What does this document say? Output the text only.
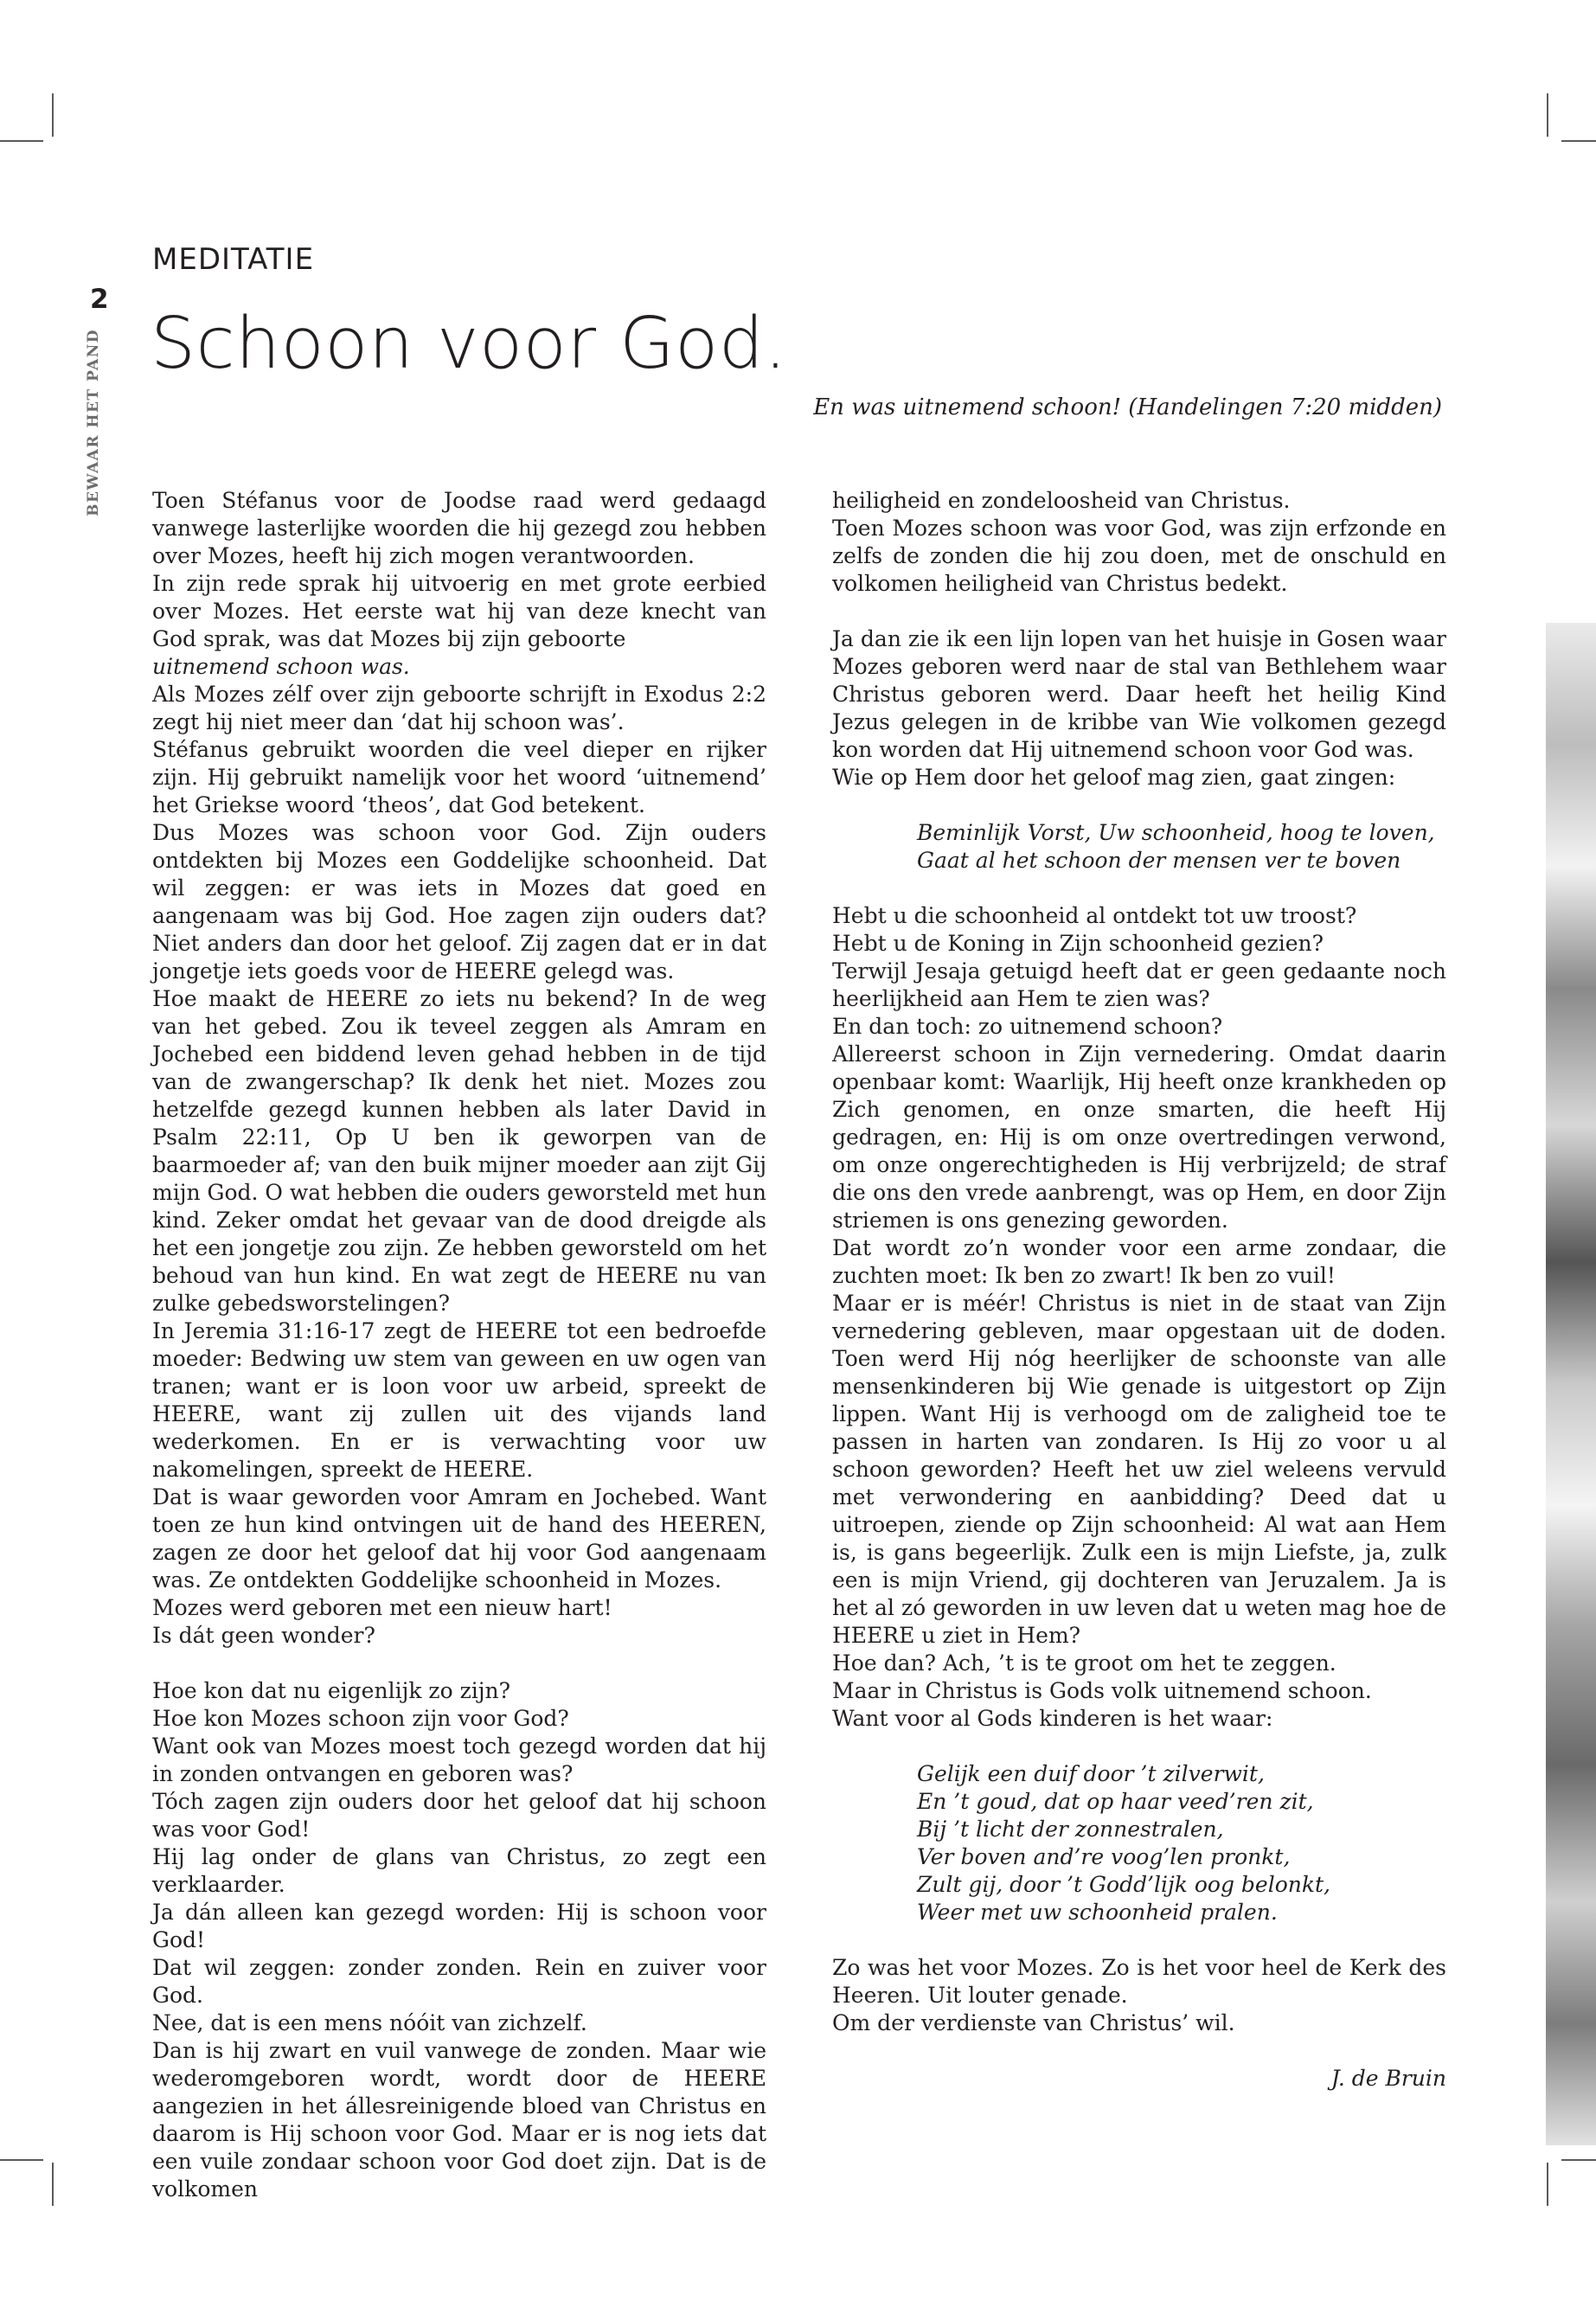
2
BEWAAR HET PAND
MEDITATIE
Schoon voor God.
En was uitnemend schoon! (Handelingen 7:20 midden)

Toen Stéfanus voor de Joodse raad werd gedaagd vanwege lasterlijke woorden die hij gezegd zou hebben over Mozes, heeft hij zich mogen verantwoorden.

In zijn rede sprak hij uitvoerig en met grote eerbied over Mozes. Het eerste wat hij van deze knecht van God sprak, was dat Mozes bij zijn geboorte

uitnemend schoon was.

Als Mozes zélf over zijn geboorte schrijft in Exodus 2:2 zegt hij niet meer dan ‘dat hij schoon was’.

Stéfanus gebruikt woorden die veel dieper en rijker zijn. Hij gebruikt namelijk voor het woord ‘uitnemend’ het Griekse woord ‘theos’, dat God betekent.

Dus Mozes was schoon voor God. Zijn ouders ontdekten bij Mozes een Goddelijke schoonheid. Dat wil zeggen: er was iets in Mozes dat goed en aangenaam was bij God. Hoe zagen zijn ouders dat? Niet anders dan door het geloof. Zij zagen dat er in dat jongetje iets goeds voor de HEERE gelegd was.

Hoe maakt de HEERE zo iets nu bekend? In de weg van het gebed. Zou ik teveel zeggen als Amram en Jochebed een biddend leven gehad hebben in de tijd van de zwangerschap? Ik denk het niet. Mozes zou hetzelfde gezegd kunnen hebben als later David in Psalm 22:11, Op U ben ik geworpen van de baarmoeder af; van den buik mijner moeder aan zijt Gij mijn God. O wat hebben die ouders geworsteld met hun kind. Zeker omdat het gevaar van de dood dreigde als het een jongetje zou zijn. Ze hebben geworsteld om het behoud van hun kind. En wat zegt de HEERE nu van zulke gebedsworstelingen?

In Jeremia 31:16-17 zegt de HEERE tot een bedroefde moeder: Bedwing uw stem van geween en uw ogen van tranen; want er is loon voor uw arbeid, spreekt de HEERE, want zij zullen uit des vijands land wederkomen. En er is verwachting voor uw nakomelingen, spreekt de HEERE.

Dat is waar geworden voor Amram en Jochebed. Want toen ze hun kind ontvingen uit de hand des HEEREN, zagen ze door het geloof dat hij voor God aangenaam was. Ze ontdekten Goddelijke schoonheid in Mozes.

Mozes werd geboren met een nieuw hart!

Is dát geen wonder?

Hoe kon dat nu eigenlijk zo zijn?

Hoe kon Mozes schoon zijn voor God?

Want ook van Mozes moest toch gezegd worden dat hij in zonden ontvangen en geboren was?

Tóch zagen zijn ouders door het geloof dat hij schoon was voor God!

Hij lag onder de glans van Christus, zo zegt een verklaarder.

Ja dán alleen kan gezegd worden: Hij is schoon voor God!

Dat wil zeggen: zonder zonden. Rein en zuiver voor God.

Nee, dat is een mens nóóit van zichzelf.

Dan is hij zwart en vuil vanwege de zonden. Maar wie wederomgeboren wordt, wordt door de HEERE aangezien in het állesreinigende bloed van Christus en daarom is Hij schoon voor God. Maar er is nog iets dat een vuile zondaar schoon voor God doet zijn. Dat is de volkomen

heiligheid en zondeloosheid van Christus.

Toen Mozes schoon was voor God, was zijn erfzonde en zelfs de zonden die hij zou doen, met de onschuld en volkomen heiligheid van Christus bedekt.

Ja dan zie ik een lijn lopen van het huisje in Gosen waar Mozes geboren werd naar de stal van Bethlehem waar Christus geboren werd. Daar heeft het heilig Kind Jezus gelegen in de kribbe van Wie volkomen gezegd kon worden dat Hij uitnemend schoon voor God was.

Wie op Hem door het geloof mag zien, gaat zingen:

Beminlijk Vorst, Uw schoonheid, hoog te loven,
Gaat al het schoon der mensen ver te boven

Hebt u die schoonheid al ontdekt tot uw troost?

Hebt u de Koning in Zijn schoonheid gezien?

Terwijl Jesaja getuigd heeft dat er geen gedaante noch heerlijkheid aan Hem te zien was?

En dan toch: zo uitnemend schoon?

Allereerst schoon in Zijn vernedering. Omdat daarin openbaar komt: Waarlijk, Hij heeft onze krankheden op Zich genomen, en onze smarten, die heeft Hij gedragen, en: Hij is om onze overtredingen verwond, om onze ongerechtigheden is Hij verbrijzeld; de straf die ons den vrede aanbrengt, was op Hem, en door Zijn striemen is ons genezing geworden.

Dat wordt zo’n wonder voor een arme zondaar, die zuchten moet: Ik ben zo zwart! Ik ben zo vuil!

Maar er is méér! Christus is niet in de staat van Zijn vernedering gebleven, maar opgestaan uit de doden. Toen werd Hij nóg heerlijker de schoonste van alle mensenkinderen bij Wie genade is uitgestort op Zijn lippen. Want Hij is verhoogd om de zaligheid toe te passen in harten van zondaren. Is Hij zo voor u al schoon geworden? Heeft het uw ziel weleens vervuld met verwondering en aanbidding? Deed dat u uitroepen, ziende op Zijn schoonheid: Al wat aan Hem is, is gans begeerlijk. Zulk een is mijn Liefste, ja, zulk een is mijn Vriend, gij dochteren van Jeruzalem. Ja is het al zó geworden in uw leven dat u weten mag hoe de HEERE u ziet in Hem?

Hoe dan? Ach, ’t is te groot om het te zeggen.

Maar in Christus is Gods volk uitnemend schoon.

Want voor al Gods kinderen is het waar:

Gelijk een duif door ’t zilverwit,
En ’t goud, dat op haar veed’ren zit,
Bij ’t licht der zonnestralen,
Ver boven and’re voog’len pronkt,
Zult gij, door ’t Godd’lijk oog belonkt,
Weer met uw schoonheid pralen.

Zo was het voor Mozes. Zo is het voor heel de Kerk des Heeren. Uit louter genade.

Om der verdienste van Christus’ wil.

J. de Bruin
